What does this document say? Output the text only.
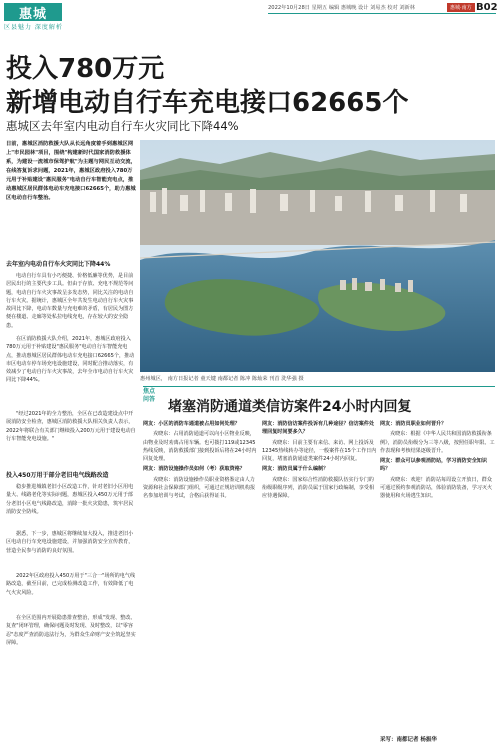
惠城
区县魅力 深度解析
2022年10月28日 星期五 编辑 惠城晚 设计 刘易杰 校对 刘新林	惠城·南方 B02
投入780万元
新增电动自行车充电接口62665个
惠城区去年室内电动自行车火灾同比下降44%
日前，惠城区消防救援大队从长远角度着手到惠城区网上"市民园林"项目，围绕"构建新时代国家消防救援体系，为建设一流城市保驾护航"为主题与网民互动交流，在线答复诉求问题，2021年，惠城区政府投入780万元用于补贴建设"惠民服务"电动自行车智能充电点，推动惠城区居民群体电动车充电接口62665个，助力惠城区电动自行车整治。
惠州城区， 南方日报记者 童天键 南都记者 陈冲 陈灿荣 刊首 洗华强 摄
去年室内电动自行车火灾同比下降44%
电动自行车具有小巧便捷、价格低廉等优势，是目前居民出行的主要代步工具。但由于存放、充电不规范等问题，电动自行车火灾事故呈多发态势，同比关注的电动自行车火灾。据统计，惠城区全年共发生电动自行车火灾事故同比下降，电动车数量与充电难的矛盾，有居民为图方便在楼道、走廊等处私拉电线充电，存在较大的安全隐患。
在区消防救援大队介绍，2021年，惠城区政府投入780万元用于补贴建设"惠民服务"电动自行车智能充电点，推动惠城区居民群体电动车充电接口62665个，推动市区电动车停车场充电设施建设，同时配合推动落实，有效减少了电动自行车火灾事故，去年全市电动自行车火灾同比下降44%。
"经过2021年的全力整治，全区在已改造建设点中开展消防安全检查，惠城区消防救援大队相关负责人表示，2022年将联合有关部门继续投入200万元用于建设电动自行车智能充电设施。"
投入450万用于部分老旧电气线路改造
稳步推进城镇老旧小区改造工作，针对老旧小区用电量大、线路老化等实际问题，惠城区投入450万元用于部分老旧小区电气线路改造，消除一批火灾隐患，筑牢居民消防安全防线。
据悉，下一步，惠城区将继续加大投入，推进老旧小区电动自行车充电设施建设，并加强消防安全宣传教育，营造全民参与消防的良好氛围。
2022年区政府投入450万用于"三合一"场所的电气线路改造，截至目前，已完成检测改造工作，有效降低了电气火灾风险。
在全区范围内开展隐患排查整治，形成"发现、整改、复查"闭环管理，确保问题及时发现、及时整改，以"零容忍"态度严查消防违法行为，为群众生命财产安全筑起坚实屏障。
焦点问答 堵塞消防通道类信访案件24小时内回复

网友：小区的消防车通道被占用如何处理？

戎晓东：占用消防通道可以向小区物业反映，由物业及时劝离占用车辆。也可拨打119或12345热线反映，消防救援部门接到投诉后将在24小时内回复处理。

网友：消防设施操作员如何（考）获取资格？

戎晓东：消防设施操作员职业资格鉴定由人力资源和社会保障部门组织，可通过正规培训机构报名参加培训与考试，合格后获得证书。

网友：消防信访案件投诉有几种途径？信访案件处理回复时间要多久？

戎晓东：目前主要有来信、来访、网上投诉及12345热线转办等途径，一般案件在15个工作日内回复，堵塞消防通道类案件24小时内回复。

网友：消防员属于什么编制？

戎晓东：国家综合性消防救援队伍实行专门的衔级职级序列，消防员属于国家行政编制，享受相应待遇保障。

网友：消防员职业如何晋升？

戎晓东：根据《中华人民共和国消防救援衔条例》，消防员衔级分为三等八级，按照任职年限、工作表现和考核结果逐级晋升。

网友：群众可以参观消防站，学习消防安全知识吗？

戎晓东：欢迎！消防站每周设立开放日，群众可通过预约参观消防站，体验消防装备，学习灭火器使用和火场逃生知识。

采写：南都记者 杨振华
